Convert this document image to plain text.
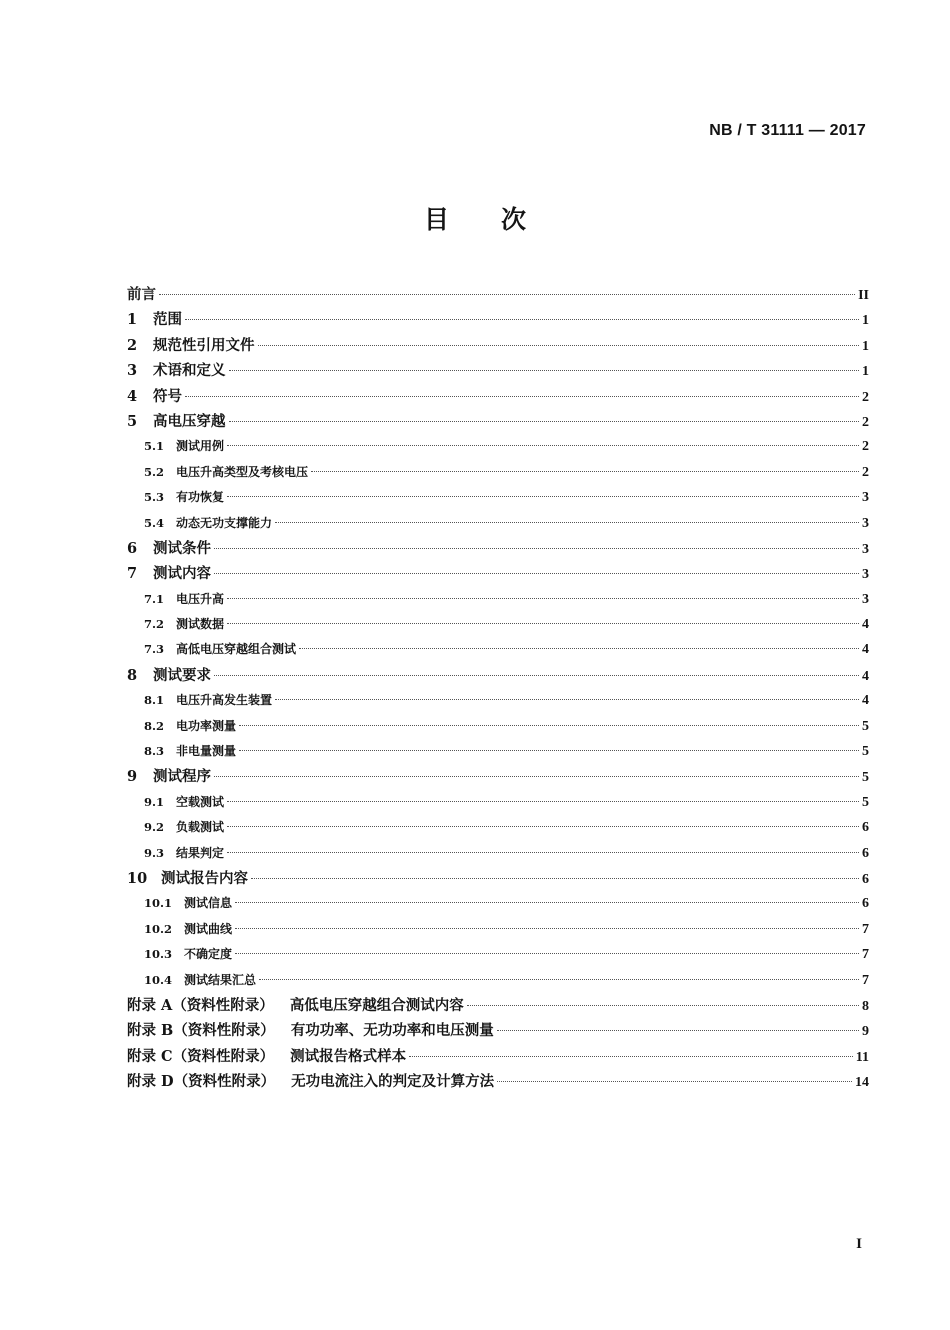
NB / T 31111 — 2017
目 次
前言	II
1	范围	1
2	规范性引用文件	1
3	术语和定义	1
4	符号	2
5	高电压穿越	2
5.1 测试用例	2
5.2 电压升高类型及考核电压	2
5.3 有功恢复	3
5.4 动态无功支撑能力	3
6	测试条件	3
7	测试内容	3
7.1 电压升高	3
7.2 测试数据	4
7.3 高低电压穿越组合测试	4
8	测试要求	4
8.1 电压升高发生装置	4
8.2 电功率测量	5
8.3 非电量测量	5
9	测试程序	5
9.1 空载测试	5
9.2 负载测试	6
9.3 结果判定	6
10 测试报告内容	6
10.1 测试信息	6
10.2 测试曲线	7
10.3 不确定度	7
10.4 测试结果汇总	7
附录 A（资料性附录） 高低电压穿越组合测试内容	8
附录 B（资料性附录） 有功功率、无功功率和电压测量	9
附录 C（资料性附录） 测试报告格式样本	11
附录 D（资料性附录） 无功电流注入的判定及计算方法	14
I
